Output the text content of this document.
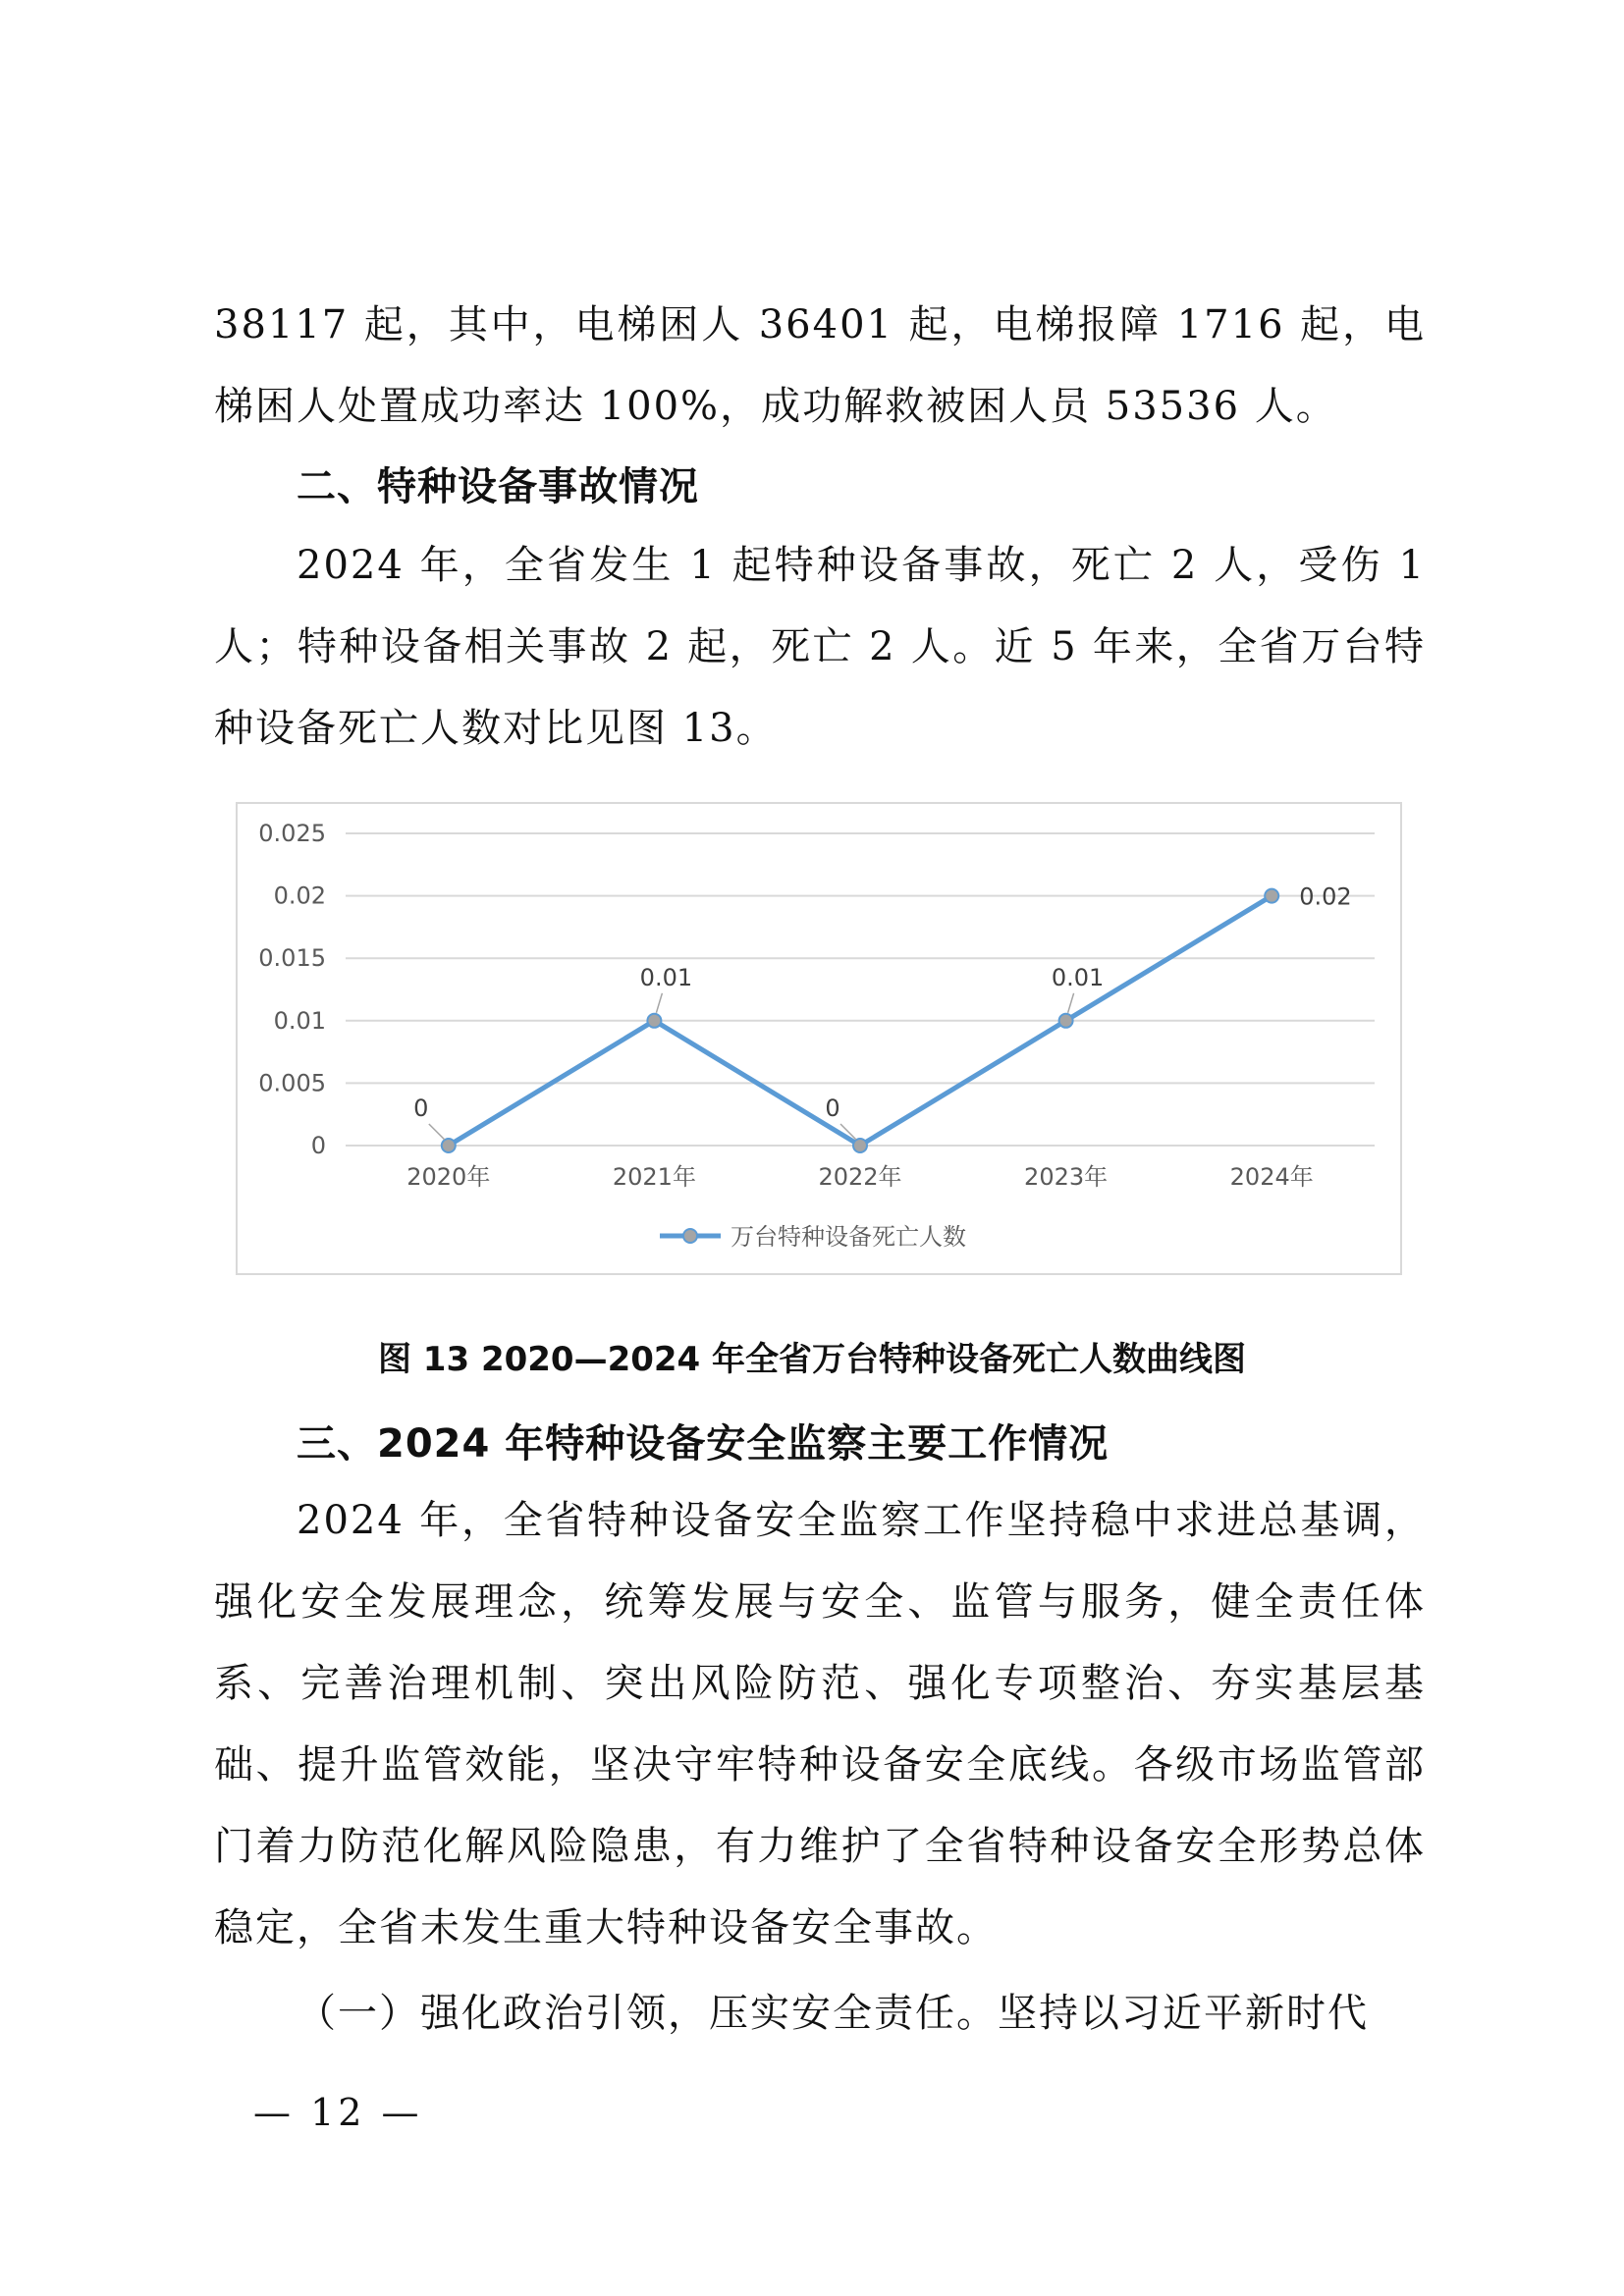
38117 起，其中，电梯困人 36401 起，电梯报障 1716 起，电梯困人处置成功率达 100%，成功解救被困人员 53536 人。

二、特种设备事故情况

2024 年，全省发生 1 起特种设备事故，死亡 2 人，受伤 1 人；特种设备相关事故 2 起，死亡 2 人。近 5 年来，全省万台特种设备死亡人数对比见图 13。

0
0.005
0.01
0.015
0.02
0.025
2020年	2021年	2022年	2023年	2024年
0
0.01
0
0.01
0.02
万台特种设备死亡人数

图 13 2020—2024 年全省万台特种设备死亡人数曲线图

三、2024 年特种设备安全监察主要工作情况

2024 年，全省特种设备安全监察工作坚持稳中求进总基调，强化安全发展理念，统筹发展与安全、监管与服务，健全责任体系、完善治理机制、突出风险防范、强化专项整治、夯实基层基础、提升监管效能，坚决守牢特种设备安全底线。各级市场监管部门着力防范化解风险隐患，有力维护了全省特种设备安全形势总体稳定，全省未发生重大特种设备安全事故。

（一）强化政治引领，压实安全责任。坚持以习近平新时代

— 12 —
